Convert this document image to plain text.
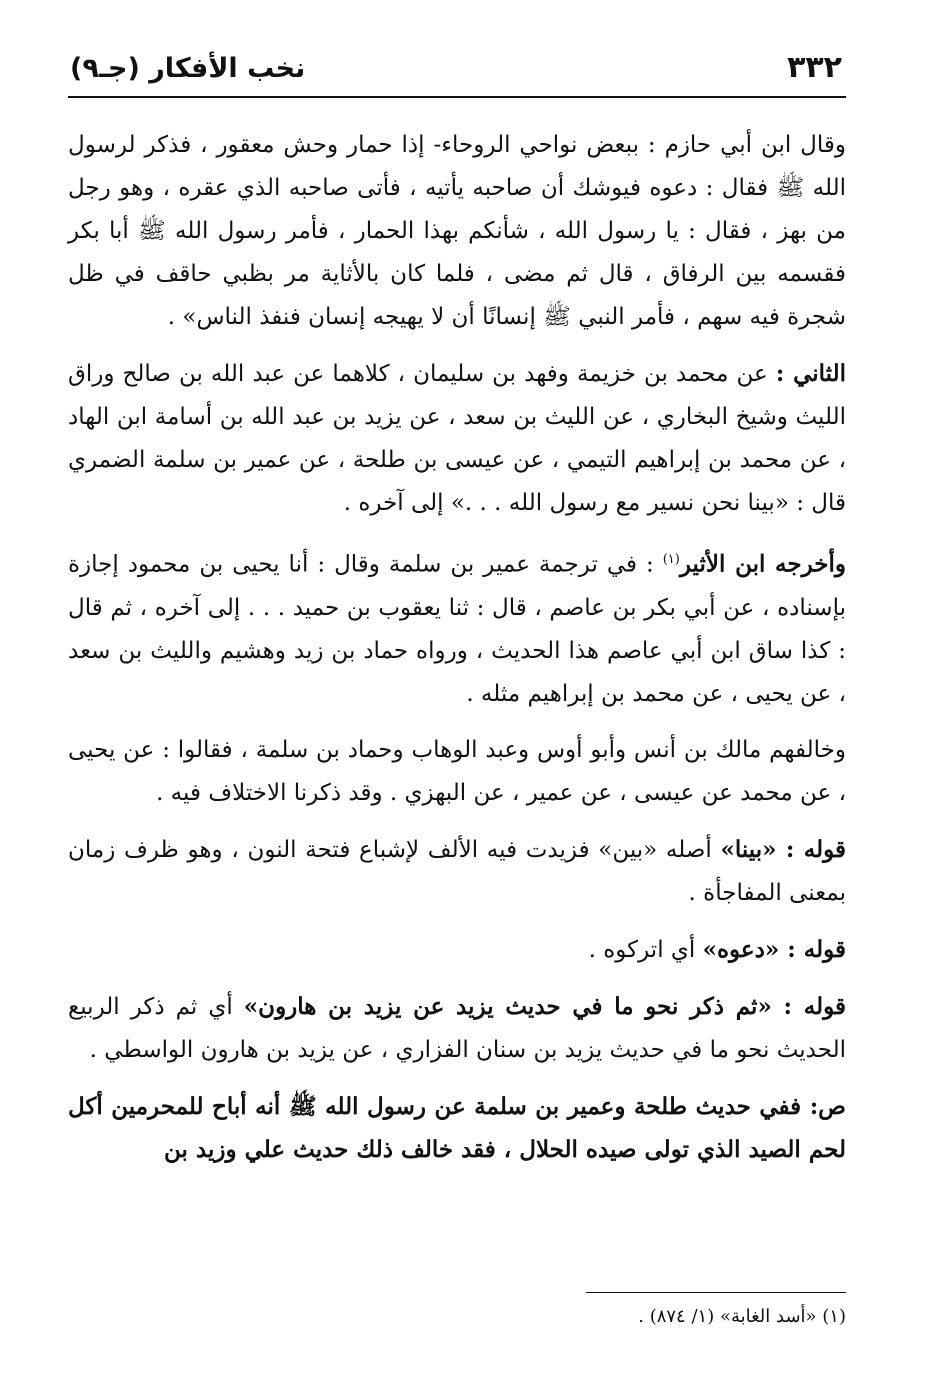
٣٣٢
نخب الأفكار (جـ٩)

وقال ابن أبي حازم : ببعض نواحي الروحاء- إذا حمار وحش معقور ، فذكر لرسول الله ﷺ فقال : دعوه فيوشك أن صاحبه يأتيه ، فأتى صاحبه الذي عقره ، وهو رجل من بهز ، فقال : يا رسول الله ، شأنكم بهذا الحمار ، فأمر رسول الله ﷺ أبا بكر فقسمه بين الرفاق ، قال ثم مضى ، فلما كان بالأثاية مر بظبي حاقف في ظل شجرة فيه سهم ، فأمر النبي ﷺ إنسانًا أن لا يهيجه إنسان فنفذ الناس» .

الثاني : عن محمد بن خزيمة وفهد بن سليمان ، كلاهما عن عبد الله بن صالح وراق الليث وشيخ البخاري ، عن الليث بن سعد ، عن يزيد بن عبد الله بن أسامة ابن الهاد ، عن محمد بن إبراهيم التيمي ، عن عيسى بن طلحة ، عن عمير بن سلمة الضمري قال : «بينا نحن نسير مع رسول الله . . .» إلى آخره .

وأخرجه ابن الأثير$^{(١)}$ : في ترجمة عمير بن سلمة وقال : أنا يحيى بن محمود إجازة بإسناده ، عن أبي بكر بن عاصم ، قال : ثنا يعقوب بن حميد . . . إلى آخره ، ثم قال : كذا ساق ابن أبي عاصم هذا الحديث ، ورواه حماد بن زيد وهشيم والليث بن سعد ، عن يحيى ، عن محمد بن إبراهيم مثله .

وخالفهم مالك بن أنس وأبو أوس وعبد الوهاب وحماد بن سلمة ، فقالوا : عن يحيى ، عن محمد عن عيسى ، عن عمير ، عن البهزي . وقد ذكرنا الاختلاف فيه .

قوله : «بينا» أصله «بين» فزيدت فيه الألف لإشباع فتحة النون ، وهو ظرف زمان بمعنى المفاجأة .

قوله : «دعوه» أي اتركوه .

قوله : «ثم ذكر نحو ما في حديث يزيد عن يزيد بن هارون» أي ثم ذكر الربيع الحديث نحو ما في حديث يزيد بن سنان الفزاري ، عن يزيد بن هارون الواسطي .

ص: ففي حديث طلحة وعمير بن سلمة عن رسول الله ﷺ أنه أباح للمحرمين أكل لحم الصيد الذي تولى صيده الحلال ، فقد خالف ذلك حديث علي وزيد بن

(١) «أسد الغابة» (١/ ٨٧٤) .
